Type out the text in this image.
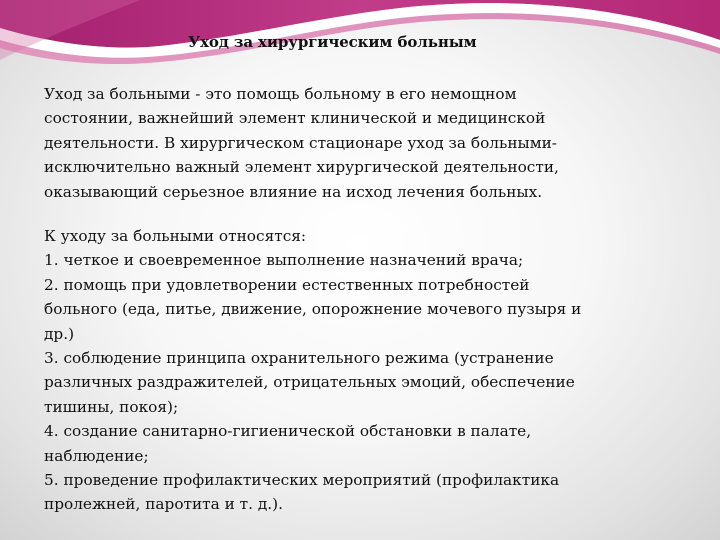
Уход за хирургическим больным
Уход за больными - это помощь больному в его немощном
состоянии, важнейший элемент клинической и медицинской
деятельности. В хирургическом стационаре уход за больными-
исключительно важный элемент хирургической деятельности,
оказывающий серьезное влияние на исход лечения больных.
К уходу за больными относятся:
1. четкое и своевременное выполнение назначений врача;
2. помощь при удовлетворении естественных потребностей
больного (еда, питье, движение, опорожнение мочевого пузыря и
др.)
3. соблюдение принципа охранительного режима (устранение
различных раздражителей, отрицательных эмоций, обеспечение
тишины, покоя);
4. создание санитарно-гигиенической обстановки в палате,
наблюдение;
5. проведение профилактических мероприятий (профилактика
пролежней, паротита и т. д.).
